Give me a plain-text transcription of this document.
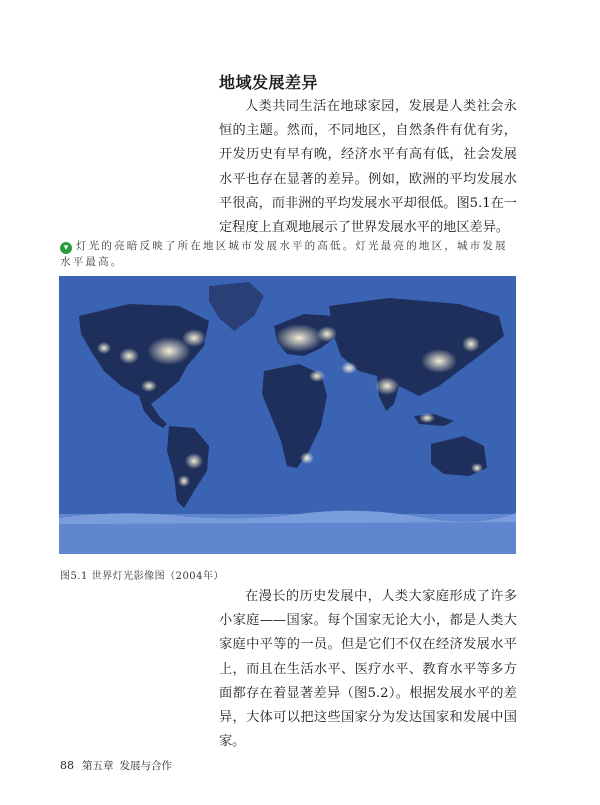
地域发展差异

人类共同生活在地球家园，发展是人类社会永恒的主题。然而，不同地区，自然条件有优有劣，开发历史有早有晚，经济水平有高有低，社会发展水平也存在显著的差异。例如，欧洲的平均发展水平很高，而非洲的平均发展水平却很低。图5.1在一定程度上直观地展示了世界发展水平的地区差异。

▾ 灯光的亮暗反映了所在地区城市发展水平的高低。灯光最亮的地区，城市发展水平最高。
图5.1 世界灯光影像图（2004年）

在漫长的历史发展中，人类大家庭形成了许多小家庭——国家。每个国家无论大小，都是人类大家庭中平等的一员。但是它们不仅在经济发展水平上，而且在生活水平、医疗水平、教育水平等多方面都存在着显著差异（图5.2）。根据发展水平的差异，大体可以把这些国家分为发达国家和发展中国家。

88 第五章 发展与合作
